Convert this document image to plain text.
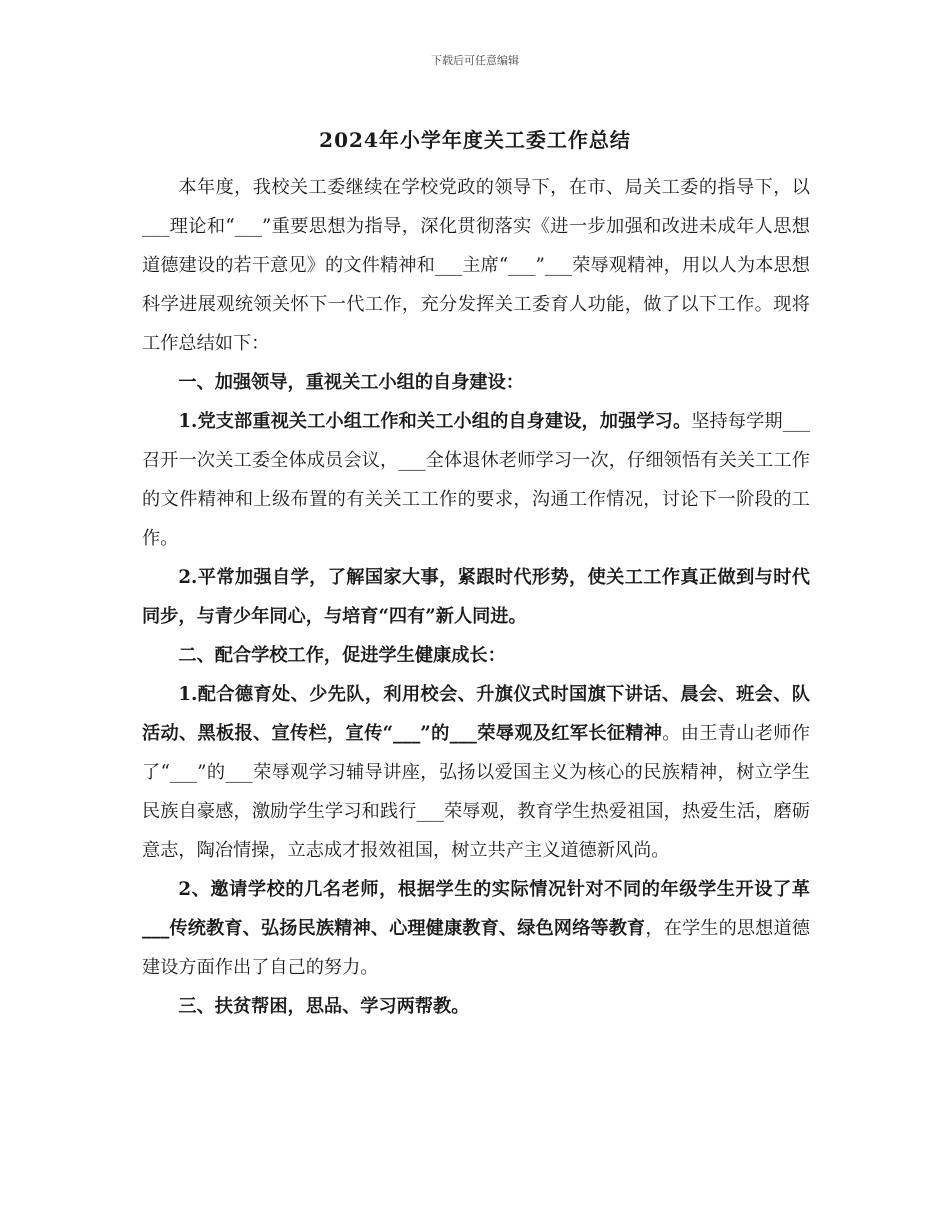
下载后可任意编辑
2024年小学年度关工委工作总结

本年度，我校关工委继续在学校党政的领导下，在市、局关工委的指导下，以___理论和“___”重要思想为指导，深化贯彻落实《进一步加强和改进未成年人思想道德建设的若干意见》的文件精神和___主席“___”___荣辱观精神，用以人为本思想科学进展观统领关怀下一代工作，充分发挥关工委育人功能，做了以下工作。现将工作总结如下：

一、加强领导，重视关工小组的自身建设：

1.党支部重视关工小组工作和关工小组的自身建设，加强学习。坚持每学期___召开一次关工委全体成员会议，___全体退休老师学习一次，仔细领悟有关关工工作的文件精神和上级布置的有关关工工作的要求，沟通工作情况，讨论下一阶段的工作。

2.平常加强自学，了解国家大事，紧跟时代形势，使关工工作真正做到与时代同步，与青少年同心，与培育“四有”新人同进。

二、配合学校工作，促进学生健康成长：

1.配合德育处、少先队，利用校会、升旗仪式时国旗下讲话、晨会、班会、队活动、黑板报、宣传栏，宣传“___”的___荣辱观及红军长征精神。由王青山老师作了“___”的___荣辱观学习辅导讲座，弘扬以爱国主义为核心的民族精神，树立学生民族自豪感，激励学生学习和践行___荣辱观，教育学生热爱祖国，热爱生活，磨砺意志，陶冶情操，立志成才报效祖国，树立共产主义道德新风尚。

2、邀请学校的几名老师，根据学生的实际情况针对不同的年级学生开设了革___传统教育、弘扬民族精神、心理健康教育、绿色网络等教育，在学生的思想道德建设方面作出了自己的努力。

三、扶贫帮困，思品、学习两帮教。
